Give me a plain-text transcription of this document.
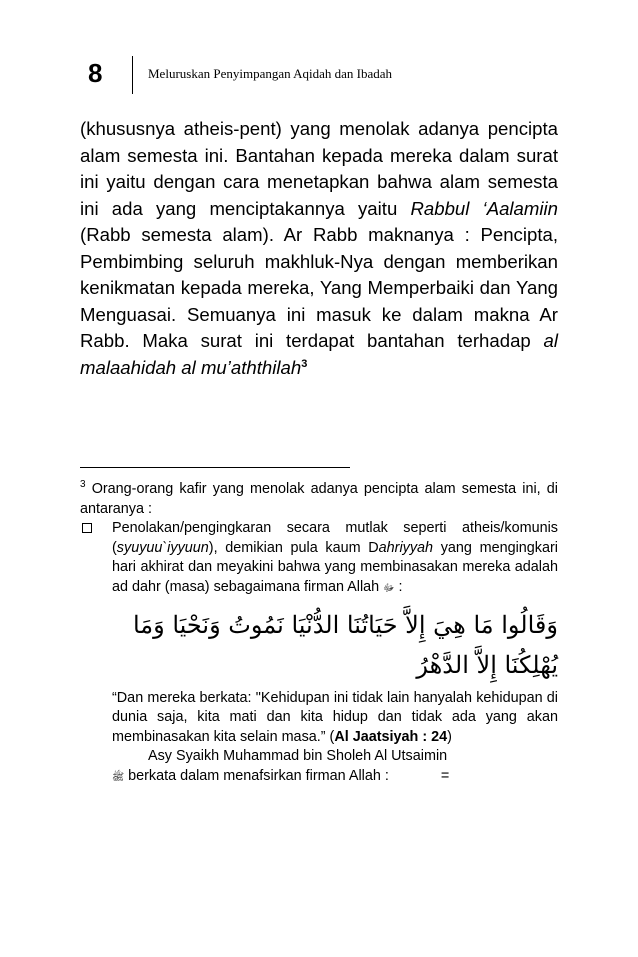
8	Meluruskan Penyimpangan Aqidah dan Ibadah

(khususnya atheis-pent) yang menolak adanya pencipta alam semesta ini. Bantahan kepada mereka dalam surat ini yaitu dengan cara menetapkan bahwa alam semesta ini ada yang menciptakannya yaitu Rabbul ‘Aalamiin (Rabb semesta alam). Ar Rabb maknanya : Pencipta, Pembimbing seluruh makhluk-Nya dengan memberikan kenikmatan kepada mereka, Yang Memperbaiki dan Yang Menguasai. Semuanya ini masuk ke dalam makna Ar Rabb. Maka surat ini terdapat bantahan terhadap al malaahidah al mu’aththilah$^3$

$^3$ Orang-orang kafir yang menolak adanya pencipta alam semesta ini, di antaranya :

Penolakan/pengingkaran secara mutlak seperti atheis/komunis (syuyuu`iyyuun), demikian pula kaum Dahriyyah yang mengingkari hari akhirat dan meyakini bahwa yang membinasakan mereka adalah ad dahr (masa) sebagaimana firman Allah ﷻ :
وَقَالُوا مَا هِيَ إِلاَّ حَيَاتُنَا الدُّنْيَا نَمُوتُ وَنَحْيَا وَمَا يُهْلِكُنَا إِلاَّ الدَّهْرُ

“Dan mereka berkata: "Kehidupan ini tidak lain hanyalah kehidupan di dunia saja, kita mati dan kita hidup dan tidak ada yang akan membinasakan kita selain masa.” (Al Jaatsiyah : 24)

Asy Syaikh Muhammad bin Sholeh Al Utsaimin

ﷺ berkata dalam menafsirkan firman Allah :	=
